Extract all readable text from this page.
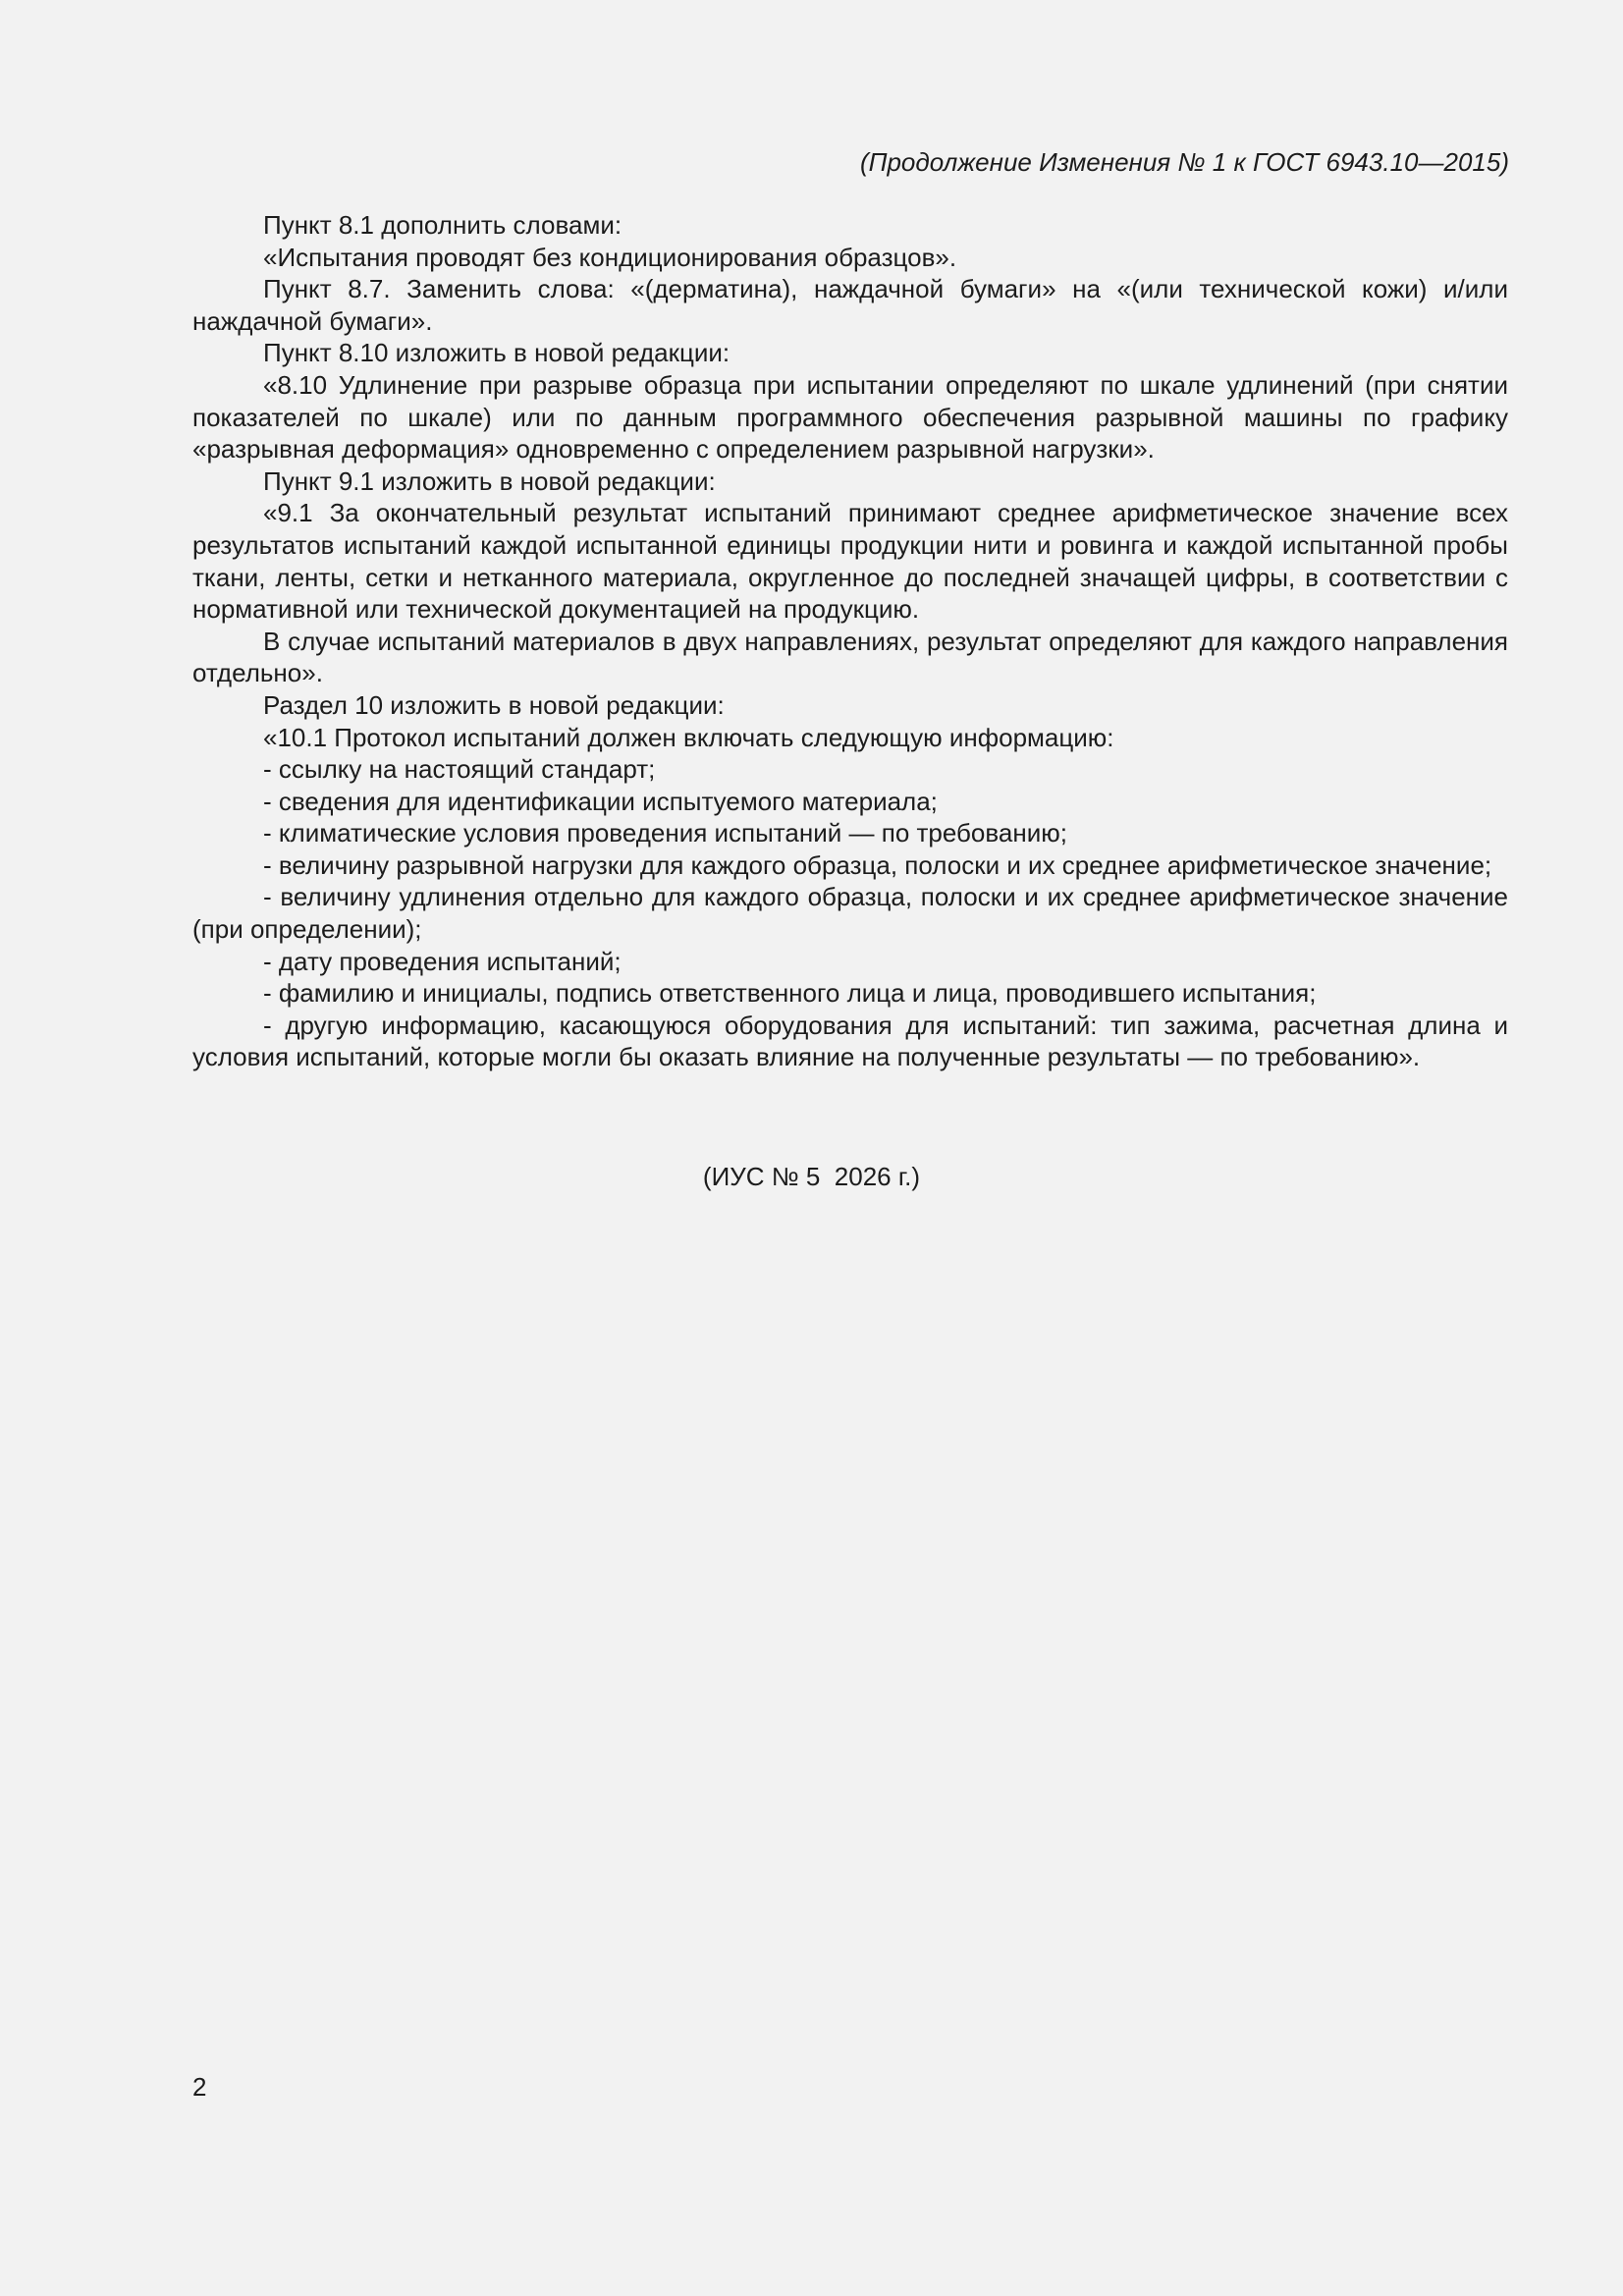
(Продолжение Изменения № 1 к ГОСТ 6943.10—2015)

Пункт 8.1 дополнить словами:

«Испытания проводят без кондиционирования образцов».

Пункт 8.7. Заменить слова: «(дерматина), наждачной бумаги» на «(или технической кожи) и/или наждачной бумаги».

Пункт 8.10 изложить в новой редакции:

«8.10 Удлинение при разрыве образца при испытании определяют по шкале удлинений (при снятии показателей по шкале) или по данным программного обеспечения разрывной машины по графику «разрывная деформация» одновременно с определением разрывной нагрузки».

Пункт 9.1 изложить в новой редакции:

«9.1 За окончательный результат испытаний принимают среднее арифметическое значение всех результатов испытаний каждой испытанной единицы продукции нити и ровинга и каждой испытанной пробы ткани, ленты, сетки и нетканного материала, округленное до последней значащей цифры, в соответствии с нормативной или технической документацией на продукцию.

В случае испытаний материалов в двух направлениях, результат определяют для каждого направления отдельно».

Раздел 10 изложить в новой редакции:

«10.1 Протокол испытаний должен включать следующую информацию:

- ссылку на настоящий стандарт;

- сведения для идентификации испытуемого материала;

- климатические условия проведения испытаний — по требованию;

- величину разрывной нагрузки для каждого образца, полоски и их среднее арифметическое значение;

- величину удлинения отдельно для каждого образца, полоски и их среднее арифметическое значение (при определении);

- дату проведения испытаний;

- фамилию и инициалы, подпись ответственного лица и лица, проводившего испытания;

- другую информацию, касающуюся оборудования для испытаний: тип зажима, расчетная длина и условия испытаний, которые могли бы оказать влияние на полученные результаты — по требованию».

(ИУС № 5  2026 г.)
2
